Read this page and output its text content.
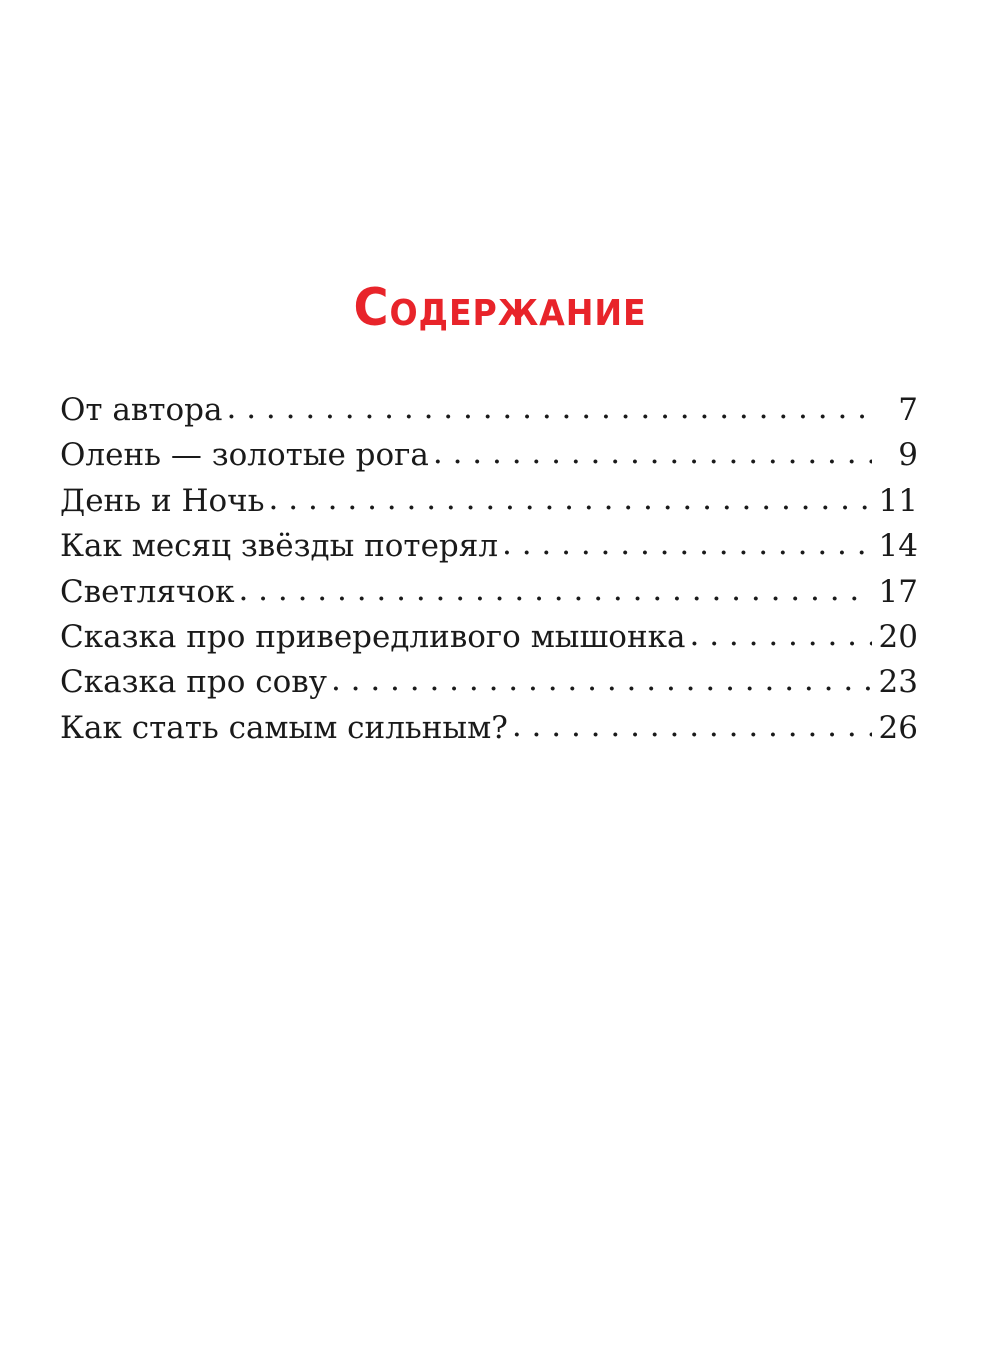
Содержание
От автора . . .	7
Олень — золотые рога . . .	9
День и Ночь . . .	11
Как месяц звёзды потерял . . .	14
Светлячок . . .	17
Сказка про привередливого мышонка . . .	20
Сказка про сову . . .	23
Как стать самым сильным? . . .	26
